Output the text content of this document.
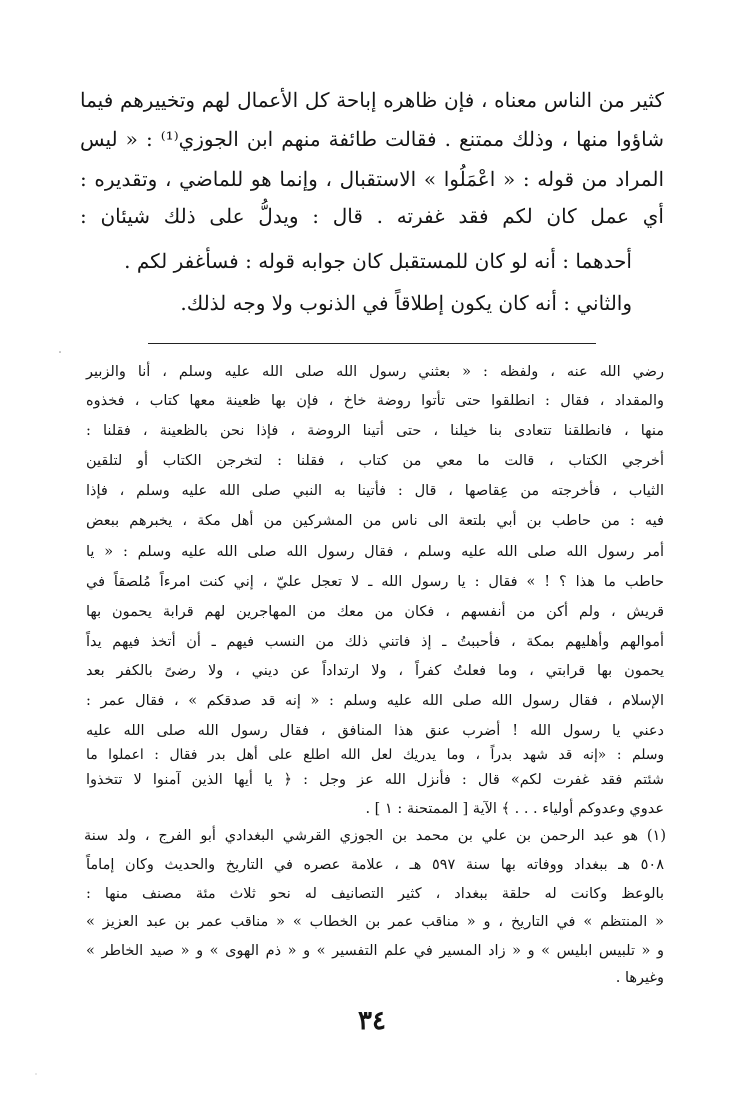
كثير من الناس معناه ، فإن ظاهره إباحة كل الأعمال لهم وتخييرهم فيما
شاؤوا منها ، وذلك ممتنع . فقالت طائفة منهم ابن الجوزي⁽¹⁾ : « ليس
المراد من قوله : « اعْمَلُوا » الاستقبال ، وإنما هو للماضي ، وتقديره :
أي عمل كان لكم فقد غفرته . قال : ويدلُّ على ذلك شيئان :
أحدهما : أنه لو كان للمستقبل كان جوابه قوله : فسأغفر لكم .
والثاني : أنه كان يكون إطلاقاً في الذنوب ولا وجه لذلك.
رضي الله عنه ، ولفظه : « بعثني رسول الله صلى الله عليه وسلم ، أنا والزبير
والمقداد ، فقال : انطلقوا حتى تأتوا روضة خاخ ، فإن بها ظعينة معها كتاب ، فخذوه
منها ، فانطلقنا تتعادى بنا خيلنا ، حتى أتينا الروضة ، فإذا نحن بالظعينة ، فقلنا :
أخرجي الكتاب ، قالت ما معي من كتاب ، فقلنا : لتخرجن الكتاب أو لتلقين
الثياب ، فأخرجته من عِقاصها ، قال : فأتينا به النبي صلى الله عليه وسلم ، فإذا
فيه : من حاطب بن أبي بلتعة الى ناس من المشركين من أهل مكة ، يخبرهم ببعض
أمر رسول الله صلى الله عليه وسلم ، فقال رسول الله صلى الله عليه وسلم : « يا
حاطب ما هذا ؟ ! » فقال : يا رسول الله ـ لا تعجل عليّ ، إني كنت امرءاً مُلصقاً في
قريش ، ولم أكن من أنفسهم ، فكان من معك من المهاجرين لهم قرابة يحمون بها
أموالهم وأهليهم بمكة ، فأحببتُ ـ إذ فاتني ذلك من النسب فيهم ـ أن أتخذ فيهم يداً
يحمون بها قرابتي ، وما فعلتُ كفراً ، ولا ارتداداً عن ديني ، ولا رضىً بالكفر بعد
الإسلام ، فقال رسول الله صلى الله عليه وسلم : « إنه قد صدقكم » ، فقال عمر :
دعني يا رسول الله ! أضرب عنق هذا المنافق ، فقال رسول الله صلى الله عليه
وسلم : «إنه قد شهد بدراً ، وما يدريك لعل الله اطلع على أهل بدر فقال : اعملوا ما
شئتم فقد غفرت لكم» قال : فأنزل الله عز وجل : ﴿ يا أيها الذين آمنوا لا تتخذوا
عدوي وعدوكم أولياء . . . ﴾ الآية [ الممتحنة : ١ ] .
(١) هو عبد الرحمن بن علي بن محمد بن الجوزي القرشي البغدادي أبو الفرج ، ولد سنة
٥٠٨ هـ ببغداد ووفاته بها سنة ٥٩٧ هـ ، علامة عصره في التاريخ والحديث وكان إماماً
بالوعظ وكانت له حلقة ببغداد ، كثير التصانيف له نحو ثلاث مئة مصنف منها :
« المنتظم » في التاريخ ، و « مناقب عمر بن الخطاب » « مناقب عمر بن عبد العزيز »
و « تلبيس ابليس » و « زاد المسير في علم التفسير » و « ذم الهوى » و « صيد الخاطر »
وغيرها .
٣٤
